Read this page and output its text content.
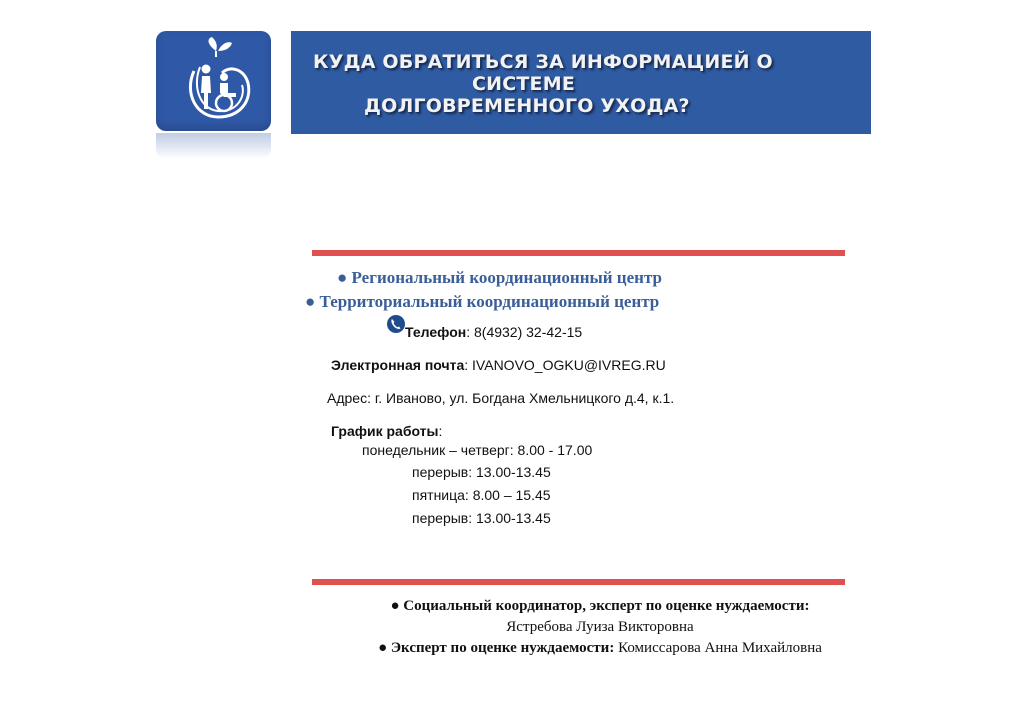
КУДА ОБРАТИТЬСЯ ЗА ИНФОРМАЦИЕЙ О
СИСТЕМЕ
ДОЛГОВРЕМЕННОГО УХОДА?
● Региональный координационный центр
● Территориальный координационный центр
Телефон: 8(4932) 32-42-15
Электронная почта: IVANOVO_OGKU@IVREG.RU
Адрес: г. Иваново, ул. Богдана Хмельницкого д.4, к.1.
График работы:
понедельник – четверг: 8.00 - 17.00
перерыв: 13.00-13.45
пятница: 8.00 – 15.45
перерыв: 13.00-13.45
● Социальный координатор, эксперт по оценке нуждаемости:
Ястребова Луиза Викторовна
● Эксперт по оценке нуждаемости: Комиссарова Анна Михайловна
